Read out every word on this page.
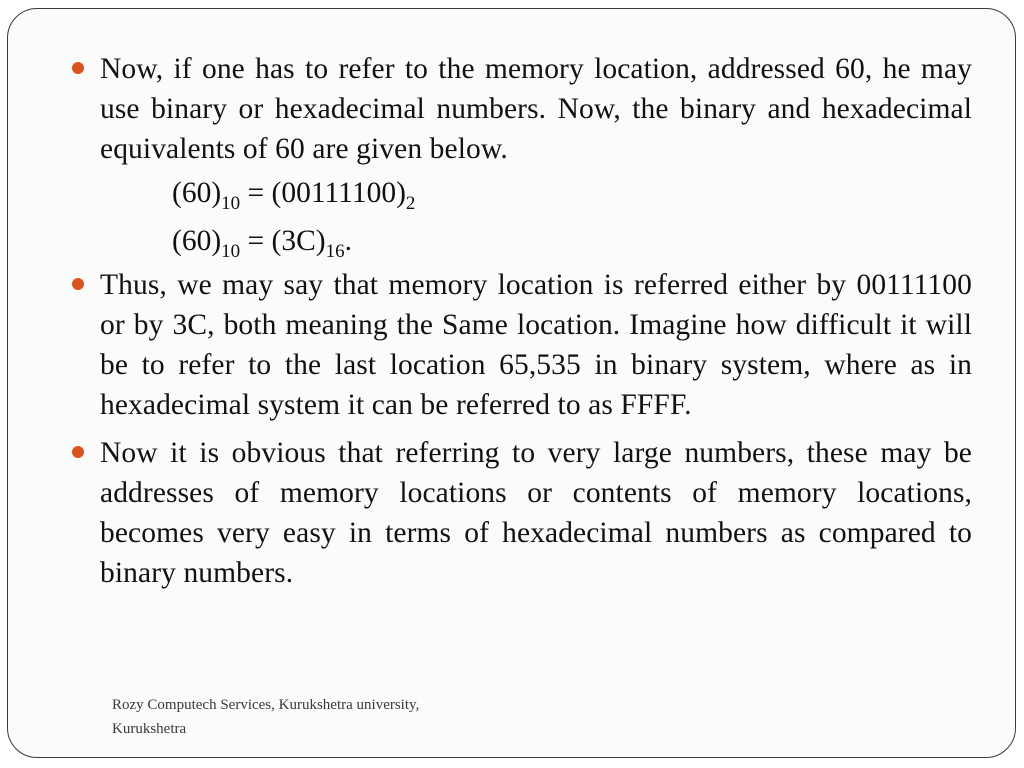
Now, if one has to refer to the memory location, addressed 60, he may use binary or hexadecimal numbers. Now, the binary and hexadecimal equivalents of 60 are given below.
$(60)_{10} = (00111100)_2$
$(60)_{10} = (3C)_{16}$.
Thus, we may say that memory location is referred either by 00111100 or by 3C, both meaning the Same location. Imagine how difficult it will be to refer to the last location 65,535 in binary system, where as in hexadecimal system it can be referred to as FFFF.
Now it is obvious that referring to very large numbers, these may be addresses of memory locations or contents of memory locations, becomes very easy in terms of hexadecimal numbers as compared to binary numbers.
Rozy Computech Services, Kurukshetra university,
Kurukshetra
